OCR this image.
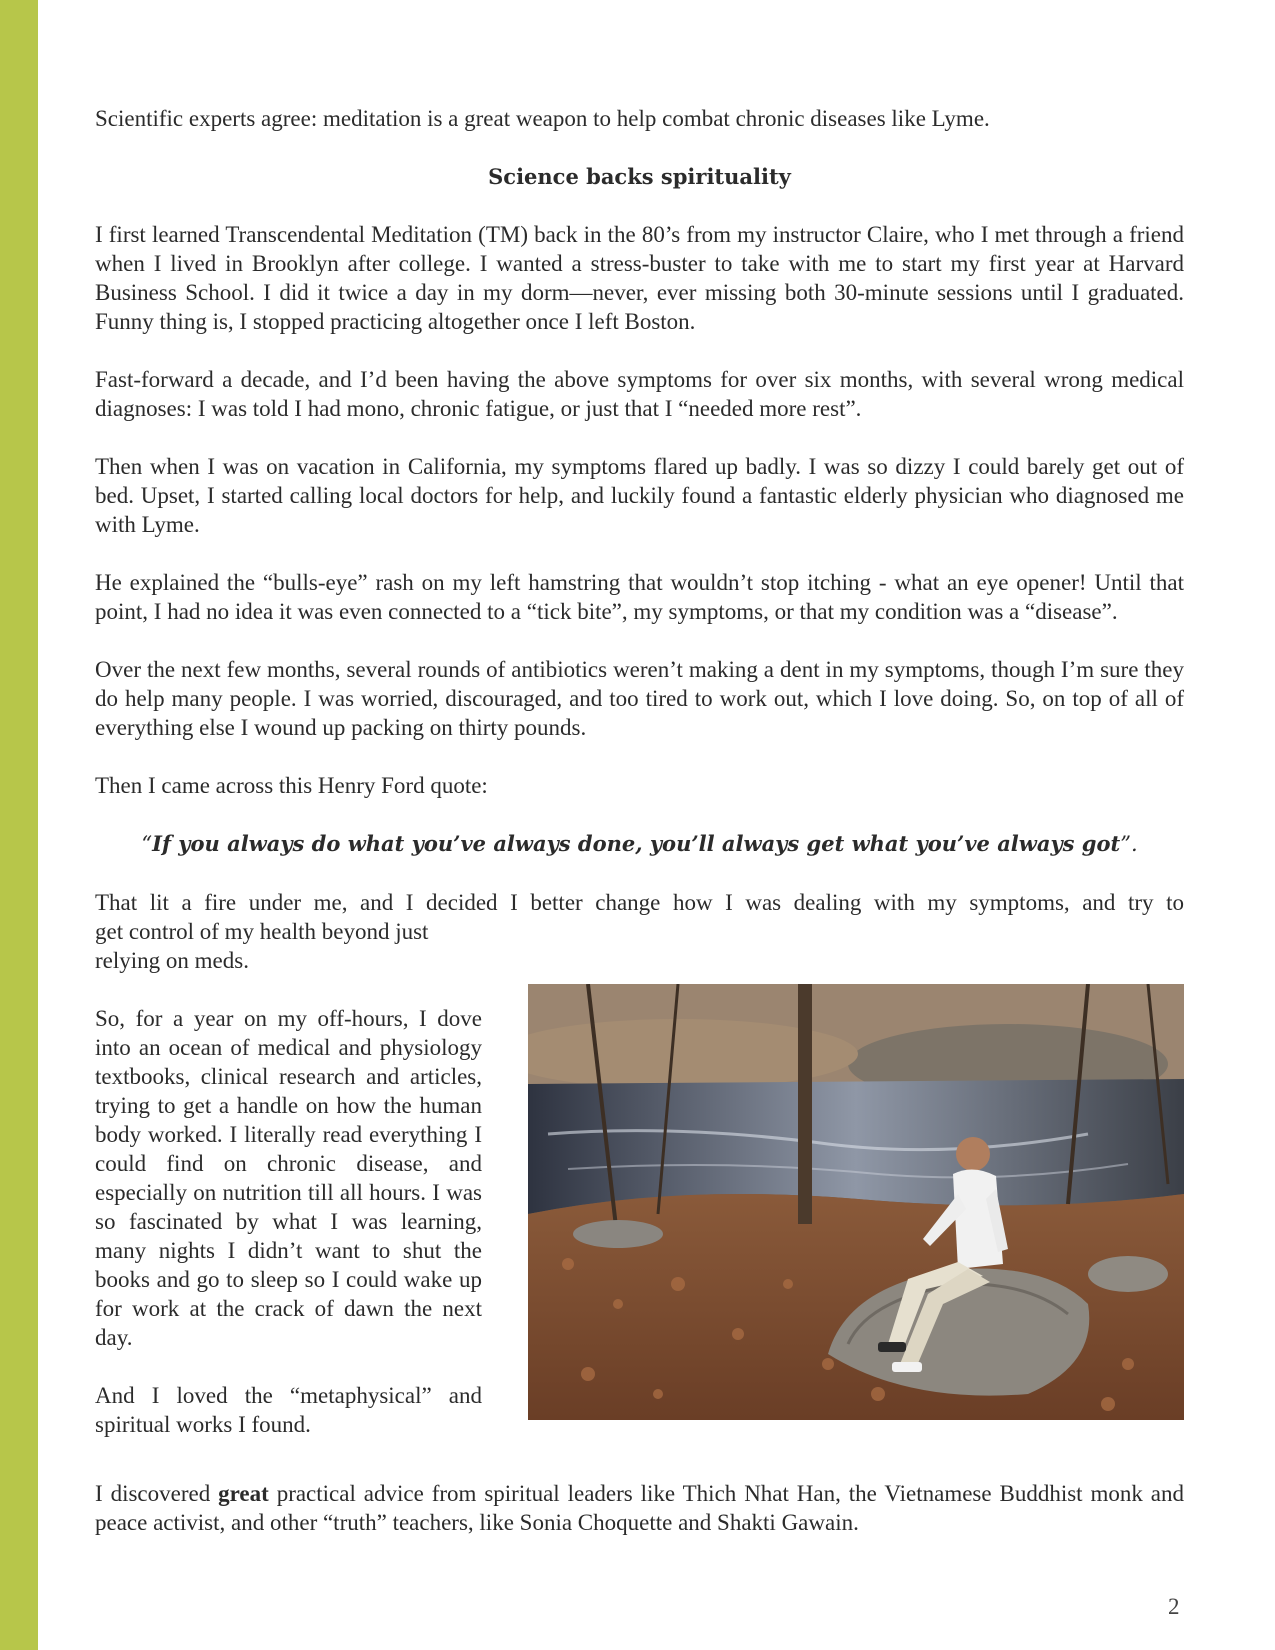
Scientific experts agree: meditation is a great weapon to help combat chronic diseases like Lyme.

Science backs spirituality

I first learned Transcendental Meditation (TM) back in the 80’s from my instructor Claire, who I met through a friend when I lived in Brooklyn after college. I wanted a stress-buster to take with me to start my first year at Harvard Business School. I did it twice a day in my dorm—never, ever missing both 30-minute sessions until I graduated. Funny thing is, I stopped practicing altogether once I left Boston.

Fast-forward a decade, and I’d been having the above symptoms for over six months, with several wrong medical diagnoses: I was told I had mono, chronic fatigue, or just that I “needed more rest”.

Then when I was on vacation in California, my symptoms flared up badly. I was so dizzy I could barely get out of bed. Upset, I started calling local doctors for help, and luckily found a fantastic elderly physician who diagnosed me with Lyme.

He explained the “bulls-eye” rash on my left hamstring that wouldn’t stop itching - what an eye opener! Until that point, I had no idea it was even connected to a “tick bite”, my symptoms, or that my condition was a “disease”.

Over the next few months, several rounds of antibiotics weren’t making a dent in my symptoms, though I’m sure they do help many people. I was worried, discouraged, and too tired to work out, which I love doing. So, on top of all of everything else I wound up packing on thirty pounds.

Then I came across this Henry Ford quote:

“If you always do what you’ve always done, you’ll always get what you’ve always got”.

That lit a fire under me, and I decided I better change how I was dealing with my symptoms, and try to

get control of my health beyond just relying on meds.

So, for a year on my off-hours, I dove into an ocean of medical and physiology textbooks, clinical research and articles, trying to get a handle on how the human body worked. I literally read everything I could find on chronic disease, and especially on nutrition till all hours. I was so fascinated by what I was learning, many nights I didn’t want to shut the books and go to sleep so I could wake up for work at the crack of dawn the next day.

And I loved the “metaphysical” and spiritual works I found.

I discovered great practical advice from spiritual leaders like Thich Nhat Han, the Vietnamese Buddhist monk and peace activist, and other “truth” teachers, like Sonia Choquette and Shakti Gawain.

2
